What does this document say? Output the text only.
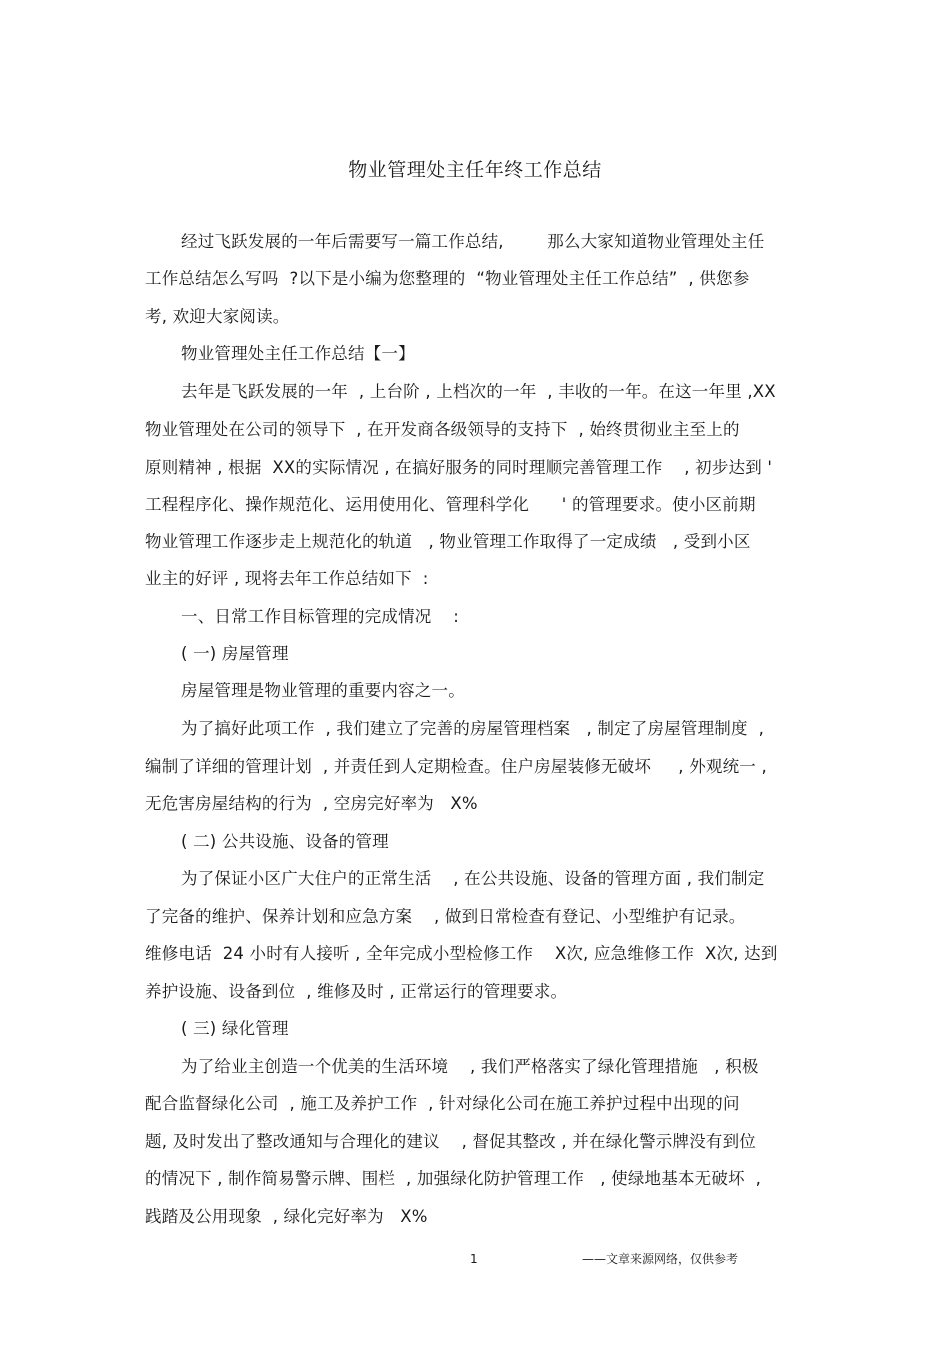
物业管理处主任年终工作总结
经过飞跃发展的一年后需要写一篇工作总结,        那么大家知道物业管理处主任
工作总结怎么写吗  ?以下是小编为您整理的  “物业管理处主任工作总结”  , 供您参
考, 欢迎大家阅读。
物业管理处主任工作总结【一】
去年是飞跃发展的一年  , 上台阶 , 上档次的一年  , 丰收的一年。在这一年里 ,XX
物业管理处在公司的领导下  , 在开发商各级领导的支持下  , 始终贯彻业主至上的
原则精神 , 根据  XX的实际情况 , 在搞好服务的同时理顺完善管理工作    , 初步达到 '
工程程序化、操作规范化、运用使用化、管理科学化      ' 的管理要求。使小区前期
物业管理工作逐步走上规范化的轨道   , 物业管理工作取得了一定成绩   , 受到小区
业主的好评 , 现将去年工作总结如下  :
一、日常工作目标管理的完成情况    :
( 一) 房屋管理
房屋管理是物业管理的重要内容之一。
为了搞好此项工作  , 我们建立了完善的房屋管理档案   , 制定了房屋管理制度  ,
编制了详细的管理计划  , 并责任到人定期检查。住户房屋装修无破坏     , 外观统一 ,
无危害房屋结构的行为  , 空房完好率为   X%
( 二) 公共设施、设备的管理
为了保证小区广大住户的正常生活    , 在公共设施、设备的管理方面 , 我们制定
了完备的维护、保养计划和应急方案    , 做到日常检查有登记、小型维护有记录。
维修电话  24 小时有人接听 , 全年完成小型检修工作    X次, 应急维修工作  X次, 达到
养护设施、设备到位  , 维修及时 , 正常运行的管理要求。
( 三) 绿化管理
为了给业主创造一个优美的生活环境    , 我们严格落实了绿化管理措施   , 积极
配合监督绿化公司  , 施工及养护工作  , 针对绿化公司在施工养护过程中出现的问
题, 及时发出了整改通知与合理化的建议    , 督促其整改 , 并在绿化警示牌没有到位
的情况下 , 制作简易警示牌、围栏  , 加强绿化防护管理工作   , 使绿地基本无破坏  ,
践踏及公用现象  , 绿化完好率为   X%
1	——文章来源网络，仅供参考
